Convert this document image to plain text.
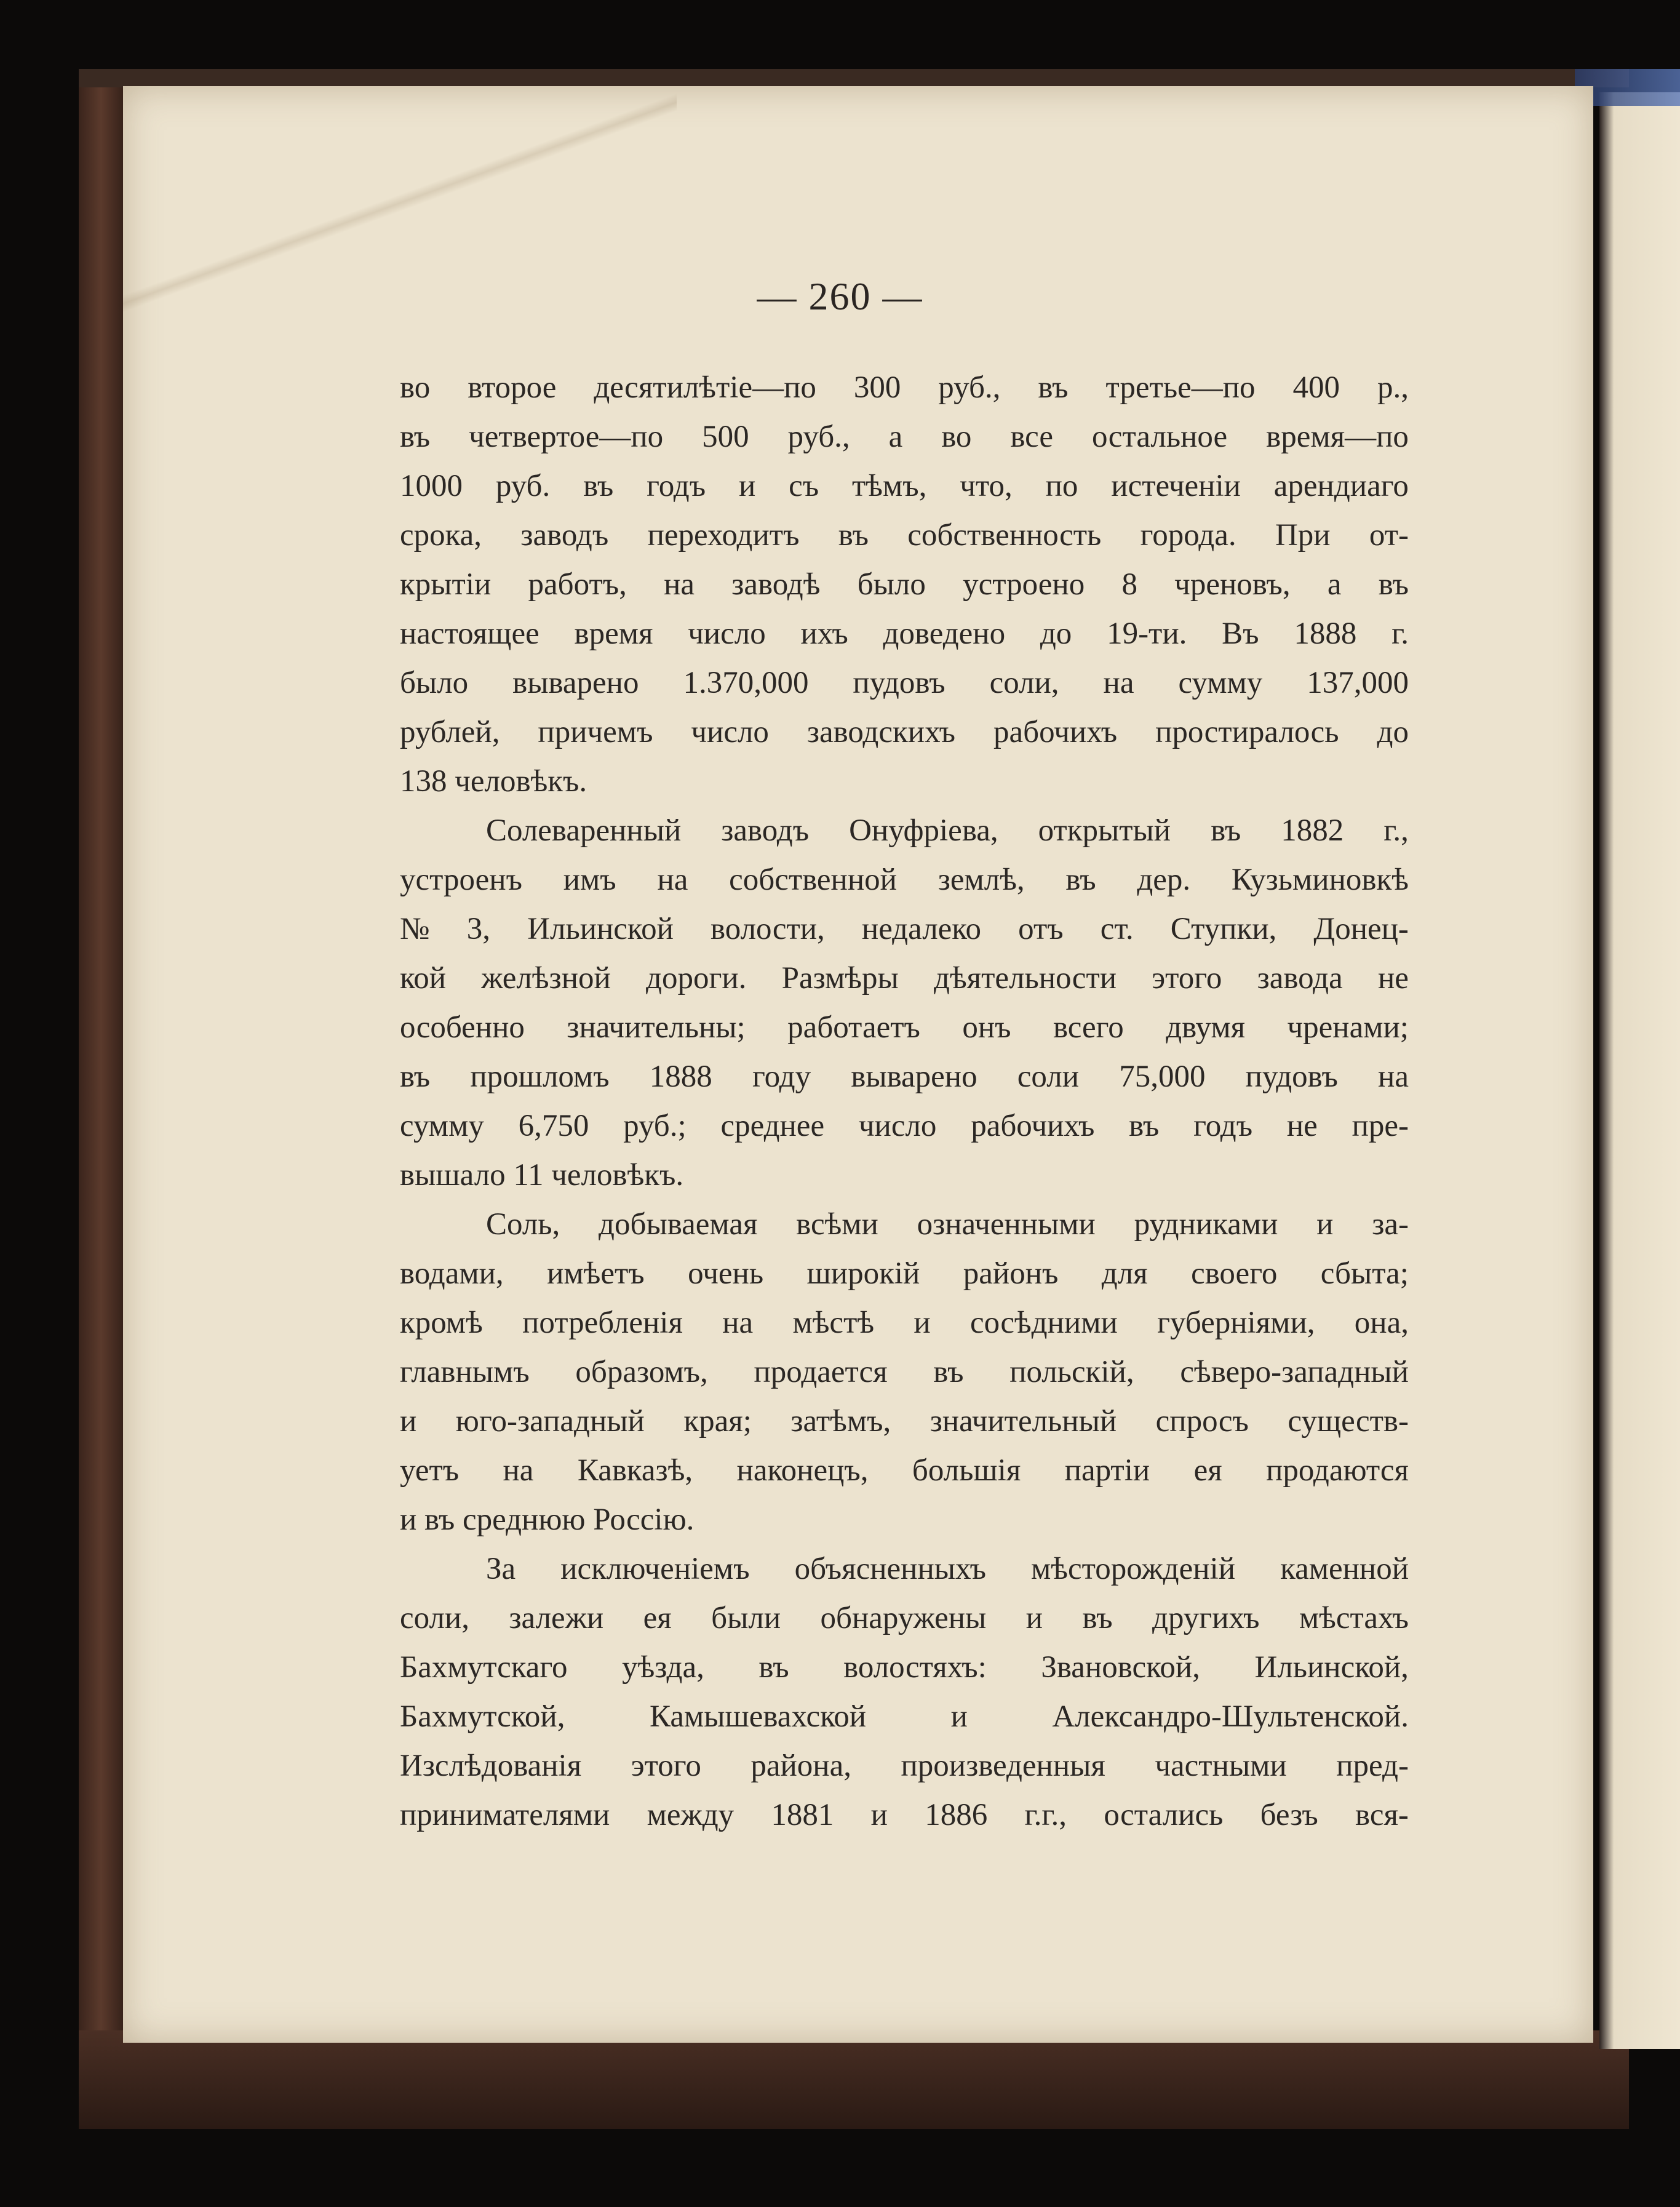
— 260 —
во второе десятилѣтіе—по 300 руб., въ третье—по 400 р.,
въ четвертое—по 500 руб., а во все остальное время—по
1000 руб. въ годъ и съ тѣмъ, что, по истеченіи арендиаго
срока, заводъ переходитъ въ собственность города. При от-
крытіи работъ, на заводѣ было устроено 8 чреновъ, а въ
настоящее время число ихъ доведено до 19-ти. Въ 1888 г.
было выварено 1.370,000 пудовъ соли, на сумму 137,000
рублей, причемъ число заводскихъ рабочихъ простиралось до
138 человѣкъ.
Солеваренный заводъ Онуфріева, открытый въ 1882 г.,
устроенъ имъ на собственной землѣ, въ дер. Кузьминовкѣ
№ 3, Ильинской волости, недалеко отъ ст. Ступки, Донец-
кой желѣзной дороги. Размѣры дѣятельности этого завода не
особенно значительны; работаетъ онъ всего двумя чренами;
въ прошломъ 1888 году выварено соли 75,000 пудовъ на
сумму 6,750 руб.; среднее число рабочихъ въ годъ не пре-
вышало 11 человѣкъ.
Соль, добываемая всѣми означенными рудниками и за-
водами, имѣетъ очень широкій районъ для своего сбыта;
кромѣ потребленія на мѣстѣ и сосѣдними губерніями, она,
главнымъ образомъ, продается въ польскій, сѣверо-западный
и юго-западный края; затѣмъ, значительный спросъ существ-
уетъ на Кавказѣ, наконецъ, большія партіи ея продаются
и въ среднюю Россію.
За исключеніемъ объясненныхъ мѣсторожденій каменной
соли, залежи ея были обнаружены и въ другихъ мѣстахъ
Бахмутскаго уѣзда, въ волостяхъ: Звановской, Ильинской,
Бахмутской,	Камышевахской	и	Александро-Шультенской.
Изслѣдованія этого района, произведенныя частными пред-
принимателями между 1881 и 1886 г.г., остались безъ вся-
